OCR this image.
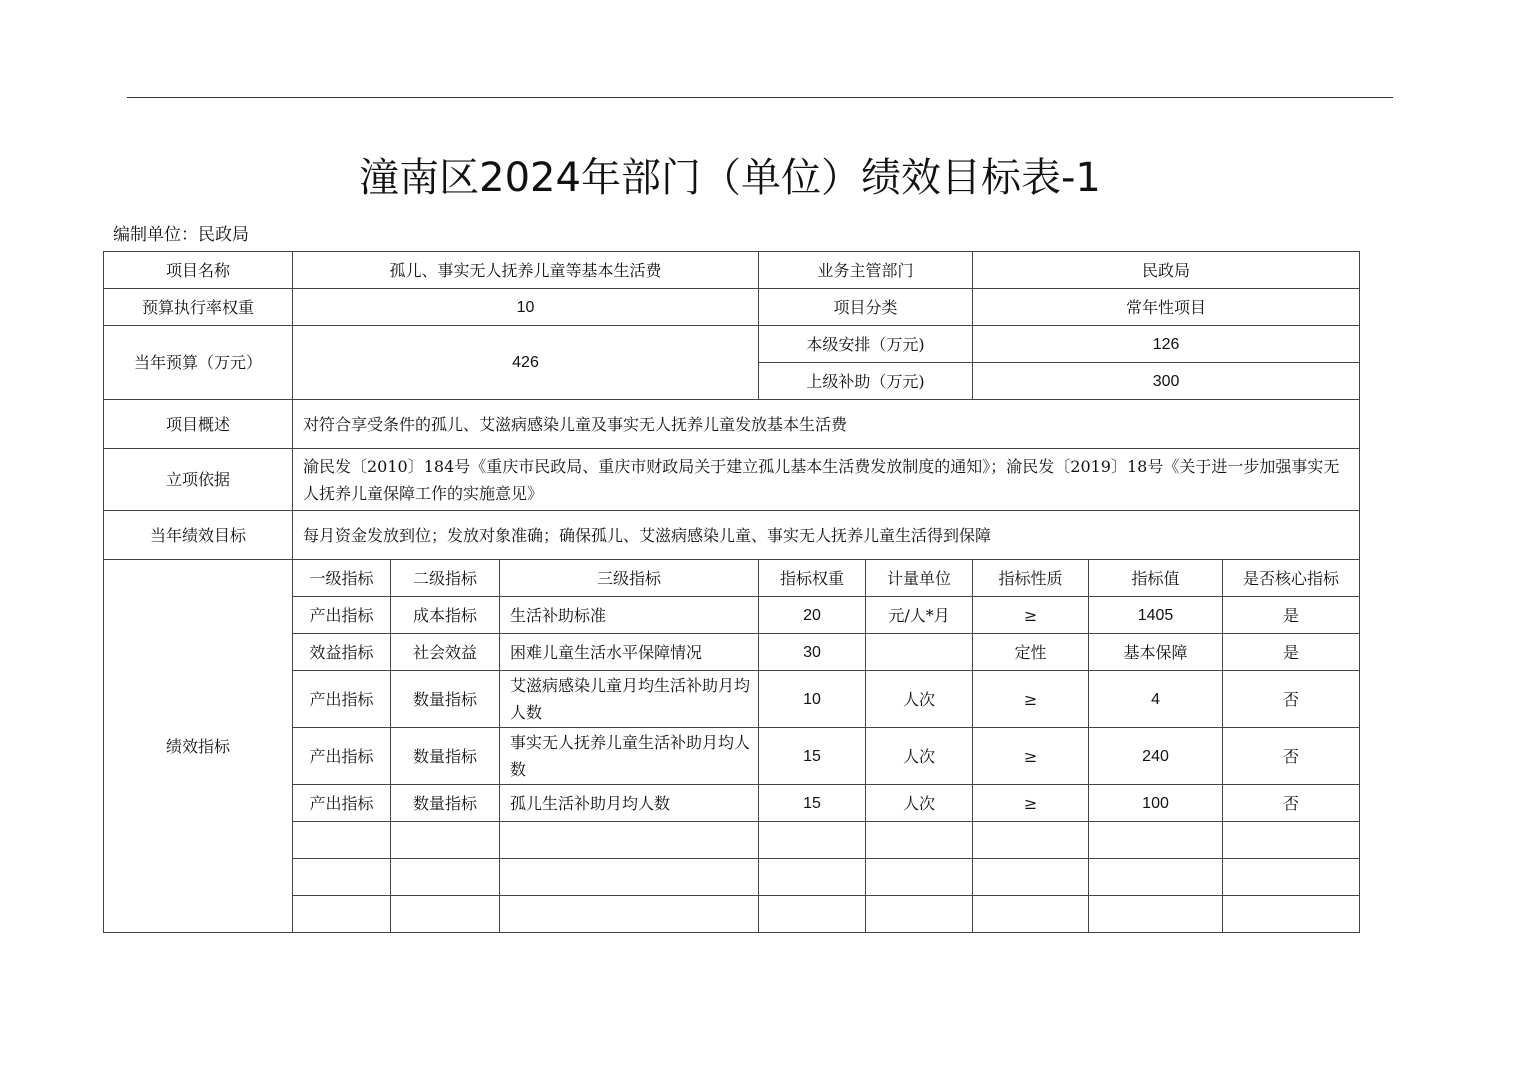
潼南区2024年部门（单位）绩效目标表-1
编制单位：民政局
项目名称	孤儿、事实无人抚养儿童等基本生活费			业务主管部门		民政局		
预算执行率权重	10			项目分类		常年性项目		
当年预算（万元）	426			本级安排（万元)		126		
				上级补助（万元)		300		
项目概述	对符合享受条件的孤儿、艾滋病感染儿童及事实无人抚养儿童发放基本生活费							
立项依据	渝民发〔2010〕184号《重庆市民政局、重庆市财政局关于建立孤儿基本生活费发放制度的通知》；渝民发〔2019〕18号《关于进一步加强事实无人抚养儿童保障工作的实施意见》							
当年绩效目标	每月资金发放到位；发放对象准确；确保孤儿、艾滋病感染儿童、事实无人抚养儿童生活得到保障							
绩效指标	一级指标	二级指标	三级指标	指标权重	计量单位	指标性质	指标值	是否核心指标
	产出指标	成本指标	生活补助标准	20	元/人*月	≥	1405	是
	效益指标	社会效益	困难儿童生活水平保障情况	30		定性	基本保障	是
	产出指标	数量指标	艾滋病感染儿童月均生活补助月均人数	10	人次	≥	4	否
	产出指标	数量指标	事实无人抚养儿童生活补助月均人数	15	人次	≥	240	否
	产出指标	数量指标	孤儿生活补助月均人数	15	人次	≥	100	否
